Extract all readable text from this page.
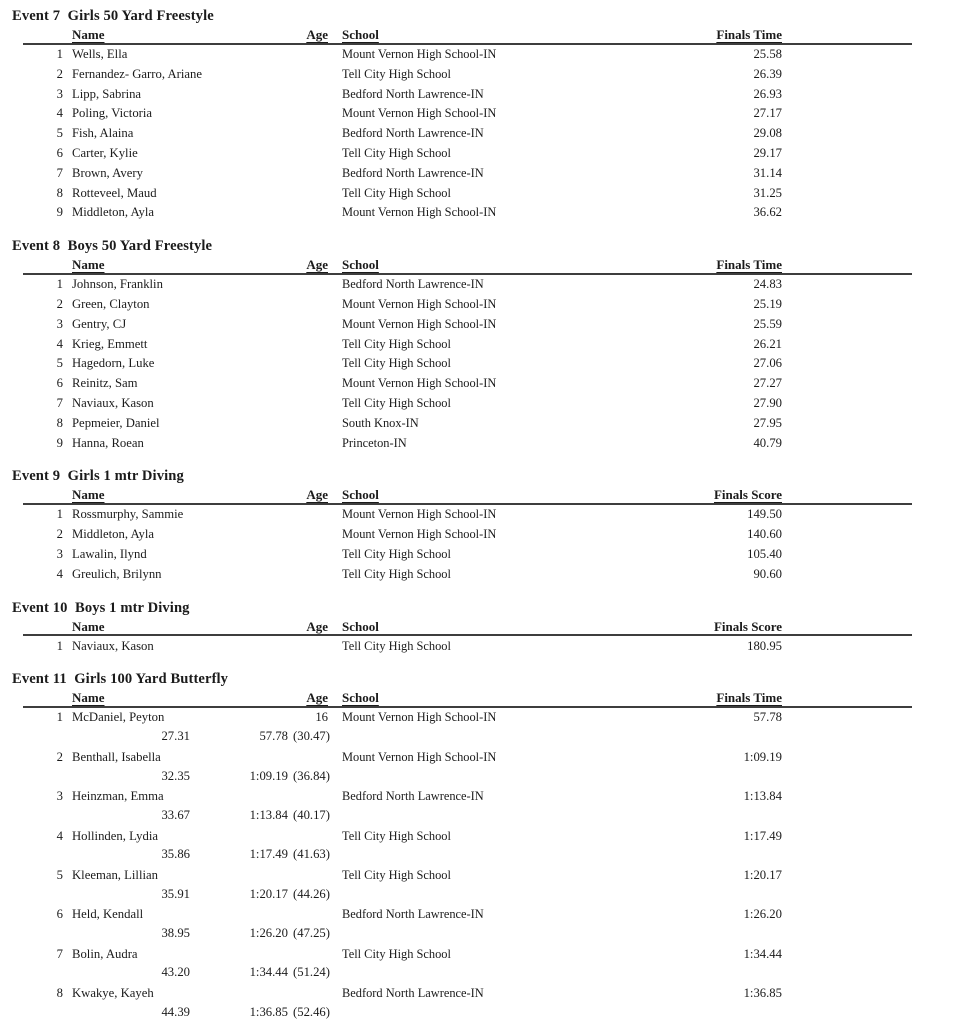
Event 7  Girls 50 Yard Freestyle
Name	Age	School	Finals Time
1 Wells, Ella	Mount Vernon High School-IN	25.58
2 Fernandez- Garro, Ariane	Tell City High School	26.39
3 Lipp, Sabrina	Bedford North Lawrence-IN	26.93
4 Poling, Victoria	Mount Vernon High School-IN	27.17
5 Fish, Alaina	Bedford North Lawrence-IN	29.08
6 Carter, Kylie	Tell City High School	29.17
7 Brown, Avery	Bedford North Lawrence-IN	31.14
8 Rotteveel, Maud	Tell City High School	31.25
9 Middleton, Ayla	Mount Vernon High School-IN	36.62
Event 8  Boys 50 Yard Freestyle
Name	Age	School	Finals Time
1 Johnson, Franklin	Bedford North Lawrence-IN	24.83
2 Green, Clayton	Mount Vernon High School-IN	25.19
3 Gentry, CJ	Mount Vernon High School-IN	25.59
4 Krieg, Emmett	Tell City High School	26.21
5 Hagedorn, Luke	Tell City High School	27.06
6 Reinitz, Sam	Mount Vernon High School-IN	27.27
7 Naviaux, Kason	Tell City High School	27.90
8 Pepmeier, Daniel	South Knox-IN	27.95
9 Hanna, Roean	Princeton-IN	40.79
Event 9  Girls 1 mtr Diving
Name	Age	School	Finals Score
1 Rossmurphy, Sammie	Mount Vernon High School-IN	149.50
2 Middleton, Ayla	Mount Vernon High School-IN	140.60
3 Lawalin, Ilynd	Tell City High School	105.40
4 Greulich, Brilynn	Tell City High School	90.60
Event 10  Boys 1 mtr Diving
Name	Age	School	Finals Score
1 Naviaux, Kason	Tell City High School	180.95
Event 11  Girls 100 Yard Butterfly
Name	Age	School	Finals Time
1 McDaniel, Peyton	16	Mount Vernon High School-IN	57.78
27.31	57.78 (30.47)
2 Benthall, Isabella	Mount Vernon High School-IN	1:09.19
32.35	1:09.19 (36.84)
3 Heinzman, Emma	Bedford North Lawrence-IN	1:13.84
33.67	1:13.84 (40.17)
4 Hollinden, Lydia	Tell City High School	1:17.49
35.86	1:17.49 (41.63)
5 Kleeman, Lillian	Tell City High School	1:20.17
35.91	1:20.17 (44.26)
6 Held, Kendall	Bedford North Lawrence-IN	1:26.20
38.95	1:26.20 (47.25)
7 Bolin, Audra	Tell City High School	1:34.44
43.20	1:34.44 (51.24)
8 Kwakye, Kayeh	Bedford North Lawrence-IN	1:36.85
44.39	1:36.85 (52.46)
